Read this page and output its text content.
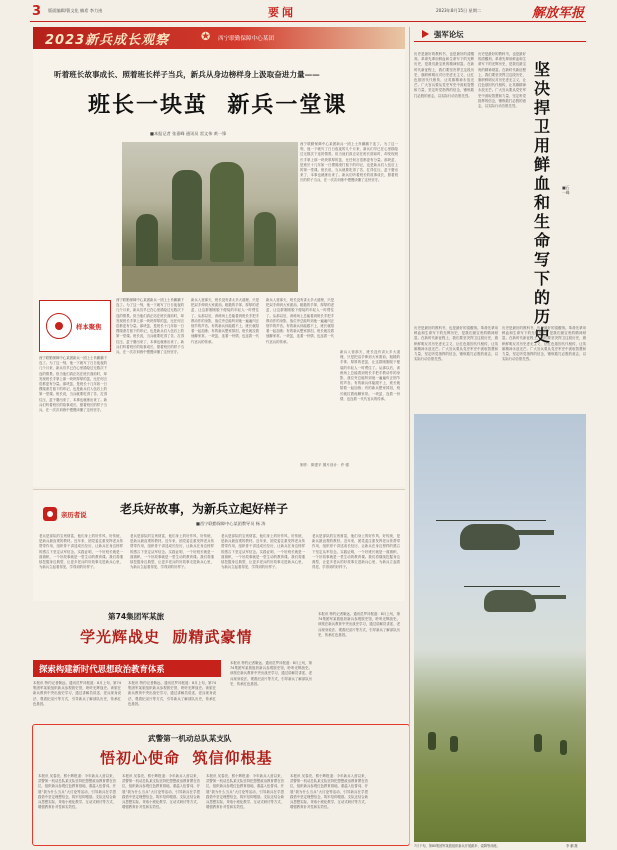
3 版面编辑/曹文化 楠希 李力逵	要闻	2023年8月15日 星期二	解放军报
2023新兵成长观察	✪ 西宁联勤保障中心某团
听着班长故事成长、照着班长样子当兵，新兵从身边榜样身上汲取奋进力量——
班长一块茧  新兵一堂课
■本报记者 张嘉峰 通讯员 雷文伟 黄一锋
样本聚焦
西宁联勤保障中心某团新兵一团上士肖鹏鹏下连了。为了这一刻，他一下就写了日日夜夜的几个月来，新兵们早已在心里描绘过无数次下连的情景。但当他们真正站在班长面前时，却发现班长手掌上那一块块厚厚的茧，比任何言语都更有分量。那块茧，是班长十几年如一日摸爬滚打留下的印记，也是新兵们入伍后上的第一堂课。班长说，当兵就要吃得了苦、扛得住压，茧子磨出来了，本事也就练出来了。新兵们听着班长的故事成长，照着班长的样子当兵，在一次次训练中慢慢读懂了这份坚守。
西宁联勤保障中心某团新兵一团上士肖鹏鹏下连了。为了这一刻，他一下就写了日日夜夜的几个月来，新兵们早已在心里描绘过无数次下连的情景。但当他们真正站在班长面前时，却发现班长手掌上那一块块厚厚的茧，比任何言语都更有分量。那块茧，是班长十几年如一日摸爬滚打留下的印记，也是新兵们入伍后上的第一堂课。班长说，当兵就要吃得了苦、扛得住压，茧子磨出来了，本事也就练出来了。新兵们听着班长的故事成长，照着班长的样子当兵，在一次次训练中慢慢读懂了这份坚守。
新兵入营那天，班长没有讲太多大道理，只是把双手伸到大家面前。粗糙的手掌、厚厚的老茧，让这群刚刚脱下便装的年轻人一时愣住了。从那以后，训练场上总能看到班长手把手教动作的身影，战位旁总能听到他一遍遍纠正细节的声音。有的新兵体能跟不上，班长就陪着一起加练；有的新兵想家掉泪，班长就拉着他聊家常。一块茧，连着一份情，也连着一代代官兵的传承。
新兵入营那天，班长没有讲太多大道理，只是把双手伸到大家面前。粗糙的手掌、厚厚的老茧，让这群刚刚脱下便装的年轻人一时愣住了。从那以后，训练场上总能看到班长手把手教动作的身影，战位旁总能听到他一遍遍纠正细节的声音。有的新兵体能跟不上，班长就陪着一起加练；有的新兵想家掉泪，班长就拉着他聊家常。一块茧，连着一份情，也连着一代代官兵的传承。
西宁联勤保障中心某团新兵一团上士肖鹏鹏下连了。为了这一刻，他一下就写了日日夜夜的几个月来，新兵们早已在心里描绘过无数次下连的情景。但当他们真正站在班长面前时，却发现班长手掌上那一块块厚厚的茧，比任何言语都更有分量。那块茧，是班长十几年如一日摸爬滚打留下的印记，也是新兵们入伍后上的第一堂课。班长说，当兵就要吃得了苦、扛得住压，茧子磨出来了，本事也就练出来了。新兵们听着班长的故事成长，照着班长的样子当兵，在一次次训练中慢慢读懂了这份坚守。
新兵入营那天，班长没有讲太多大道理，只是把双手伸到大家面前。粗糙的手掌、厚厚的老茧，让这群刚刚脱下便装的年轻人一时愣住了。从那以后，训练场上总能看到班长手把手教动作的身影，战位旁总能听到他一遍遍纠正细节的声音。有的新兵体能跟不上，班长就陪着一起加练；有的新兵想家掉泪，班长就拉着他聊家常。一块茧，连着一份情，也连着一代代官兵的传承。
制作：廖建平 图片设计：许 强
老兵好故事，为新兵立起好样子
■西宁联勤保障中心某团教导员 杨 涛
亲历者说
老兵是部队的宝贵财富，他们身上的好作风、好传统，是新兵最直观的教材。近年来，团党委注重发挥老兵传帮带作用，组织骨干讲述成长经历，让新兵在身边榜样的感召下坚定从军信念。实践证明，一个好班长就是一面旗帜，一个好故事就是一堂生动的教育课。我们将继续挖掘身边典型，让更多老兵的好故事走进新兵心里，为新兵立起看得见、学得到的好样子。
老兵是部队的宝贵财富，他们身上的好作风、好传统，是新兵最直观的教材。近年来，团党委注重发挥老兵传帮带作用，组织骨干讲述成长经历，让新兵在身边榜样的感召下坚定从军信念。实践证明，一个好班长就是一面旗帜，一个好故事就是一堂生动的教育课。我们将继续挖掘身边典型，让更多老兵的好故事走进新兵心里，为新兵立起看得见、学得到的好样子。
老兵是部队的宝贵财富，他们身上的好作风、好传统，是新兵最直观的教材。近年来，团党委注重发挥老兵传帮带作用，组织骨干讲述成长经历，让新兵在身边榜样的感召下坚定从军信念。实践证明，一个好班长就是一面旗帜，一个好故事就是一堂生动的教育课。我们将继续挖掘身边典型，让更多老兵的好故事走进新兵心里，为新兵立起看得见、学得到的好样子。
老兵是部队的宝贵财富，他们身上的好作风、好传统，是新兵最直观的教材。近年来，团党委注重发挥老兵传帮带作用，组织骨干讲述成长经历，让新兵在身边榜样的感召下坚定从军信念。实践证明，一个好班长就是一面旗帜，一个好故事就是一堂生动的教育课。我们将继续挖掘身边典型，让更多老兵的好故事走进新兵心里，为新兵立起看得见、学得到的好样子。
第74集团军某旅
学光辉战史  励精武豪情
探索构建新时代思想政治教育体系
本报讯 特约记者靳远、通讯员罗冲报道：8月上旬，第74集团军某旅组织新兵参观旅史馆，聆听光辉战史。该旅在新兵教育中突出战史学习，通过讲解员讲述、老兵现身说法、观看纪录片等方式，引导新兵了解部队历史，传承红色基因。
本报讯 特约记者靳远、通讯员罗冲报道：8月上旬，第74集团军某旅组织新兵参观旅史馆，聆听光辉战史。该旅在新兵教育中突出战史学习，通过讲解员讲述、老兵现身说法、观看纪录片等方式，引导新兵了解部队历史，传承红色基因。
本报讯 特约记者靳远、通讯员罗冲报道：8月上旬，第74集团军某旅组织新兵参观旅史馆，聆听光辉战史。该旅在新兵教育中突出战史学习，通过讲解员讲述、老兵现身说法、观看纪录片等方式，引导新兵了解部队历史，传承红色基因。
本报讯 特约记者靳远、通讯员罗冲报道：8月上旬，第74集团军某旅组织新兵参观旅史馆，聆听光辉战史。该旅在新兵教育中突出战史学习，通过讲解员讲述、老兵现身说法、观看纪录片等方式，引导新兵了解部队历史，传承红色基因。
武警第一机动总队某支队
悟初心使命  筑信仰根基
本报讯 吴春亮、熊小辉报道：今年新兵入营以来，武警第一机动总队某支队坚持把思想政治教育摆在首位，组织新兵参观红色教育基地、重温入伍誓词、开展“我为什么当兵”大讨论等活动，引导新兵在学思践悟中坚定理想信念，筑牢信仰根基。支队还结合新兵思想实际，采取小班化教学、互动式研讨等方式，增强教育针对性和实效性。
本报讯 吴春亮、熊小辉报道：今年新兵入营以来，武警第一机动总队某支队坚持把思想政治教育摆在首位，组织新兵参观红色教育基地、重温入伍誓词、开展“我为什么当兵”大讨论等活动，引导新兵在学思践悟中坚定理想信念，筑牢信仰根基。支队还结合新兵思想实际，采取小班化教学、互动式研讨等方式，增强教育针对性和实效性。
本报讯 吴春亮、熊小辉报道：今年新兵入营以来，武警第一机动总队某支队坚持把思想政治教育摆在首位，组织新兵参观红色教育基地、重温入伍誓词、开展“我为什么当兵”大讨论等活动，引导新兵在学思践悟中坚定理想信念，筑牢信仰根基。支队还结合新兵思想实际，采取小班化教学、互动式研讨等方式，增强教育针对性和实效性。
本报讯 吴春亮、熊小辉报道：今年新兵入营以来，武警第一机动总队某支队坚持把思想政治教育摆在首位，组织新兵参观红色教育基地、重温入伍誓词、开展“我为什么当兵”大讨论等活动，引导新兵在学思践悟中坚定理想信念，筑牢信仰根基。支队还结合新兵思想实际，采取小班化教学、互动式研讨等方式，增强教育针对性和实效性。
强军论坛
历史是最好的教科书，也是最好的清醒剂。革命先辈用鲜血和生命写下的光辉历史，是我们最宝贵的精神财富。在新时代新征程上，我们要坚决捍卫这段历史，旗帜鲜明反对历史虚无主义，让红色基因代代相传，让英雄精神永放光芒。广大官兵要从党史军史中汲取智慧和力量，坚定听党指挥的信念，锤炼敢打必胜的意志，以实际行动告慰先烈。
历史是最好的教科书，也是最好的清醒剂。革命先辈用鲜血和生命写下的光辉历史，是我们最宝贵的精神财富。在新时代新征程上，我们要坚决捍卫这段历史，旗帜鲜明反对历史虚无主义，让红色基因代代相传，让英雄精神永放光芒。广大官兵要从党史军史中汲取智慧和力量，坚定听党指挥的信念，锤炼敢打必胜的意志，以实际行动告慰先烈。
坚决捍卫用鲜血和生命写下的历史
■石一峰
历史是最好的教科书，也是最好的清醒剂。革命先辈用鲜血和生命写下的光辉历史，是我们最宝贵的精神财富。在新时代新征程上，我们要坚决捍卫这段历史，旗帜鲜明反对历史虚无主义，让红色基因代代相传，让英雄精神永放光芒。广大官兵要从党史军史中汲取智慧和力量，坚定听党指挥的信念，锤炼敢打必胜的意志，以实际行动告慰先烈。
历史是最好的教科书，也是最好的清醒剂。革命先辈用鲜血和生命写下的光辉历史，是我们最宝贵的精神财富。在新时代新征程上，我们要坚决捍卫这段历史，旗帜鲜明反对历史虚无主义，让红色基因代代相传，让英雄精神永放光芒。广大官兵要从党史军史中汲取智慧和力量，坚定听党指挥的信念，锤炼敢打必胜的意志，以实际行动告慰先烈。
7月下旬，第80集团军某旅组织新兵开展跳伞、索降等训练。	李 鹏 摄
